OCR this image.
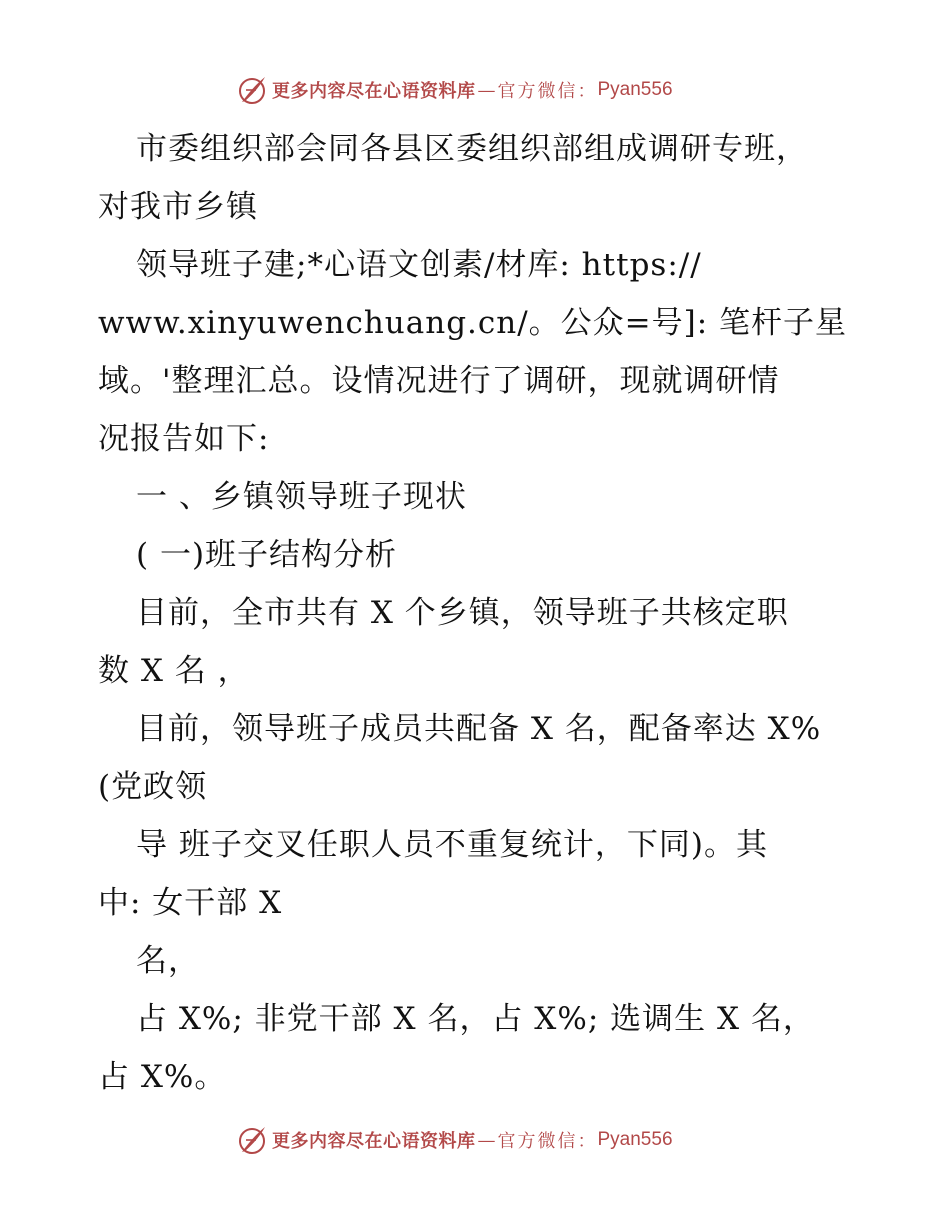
更多内容尽在心语资料库 — 官方微信： Pyan556
市委组织部会同各县区委组织部组成调研专班，
对我市乡镇
领导班子建;*心语文创素/材库: https://
www.xinyuwenchuang.cn/。公众=号]: 笔杆子星
域。'整理汇总。设情况进行了调研，现就调研情
况报告如下:
一 、乡镇领导班子现状
( 一)班子结构分析
目前，全市共有 X 个乡镇，领导班子共核定职
数 X 名 ，
目前，领导班子成员共配备 X 名，配备率达 X%
(党政领
导 班子交叉任职人员不重复统计，下同)。其
中: 女干部 X
名，
占 X%; 非党干部 X 名，占 X%; 选调生 X 名，
占 X%。
更多内容尽在心语资料库 — 官方微信： Pyan556
